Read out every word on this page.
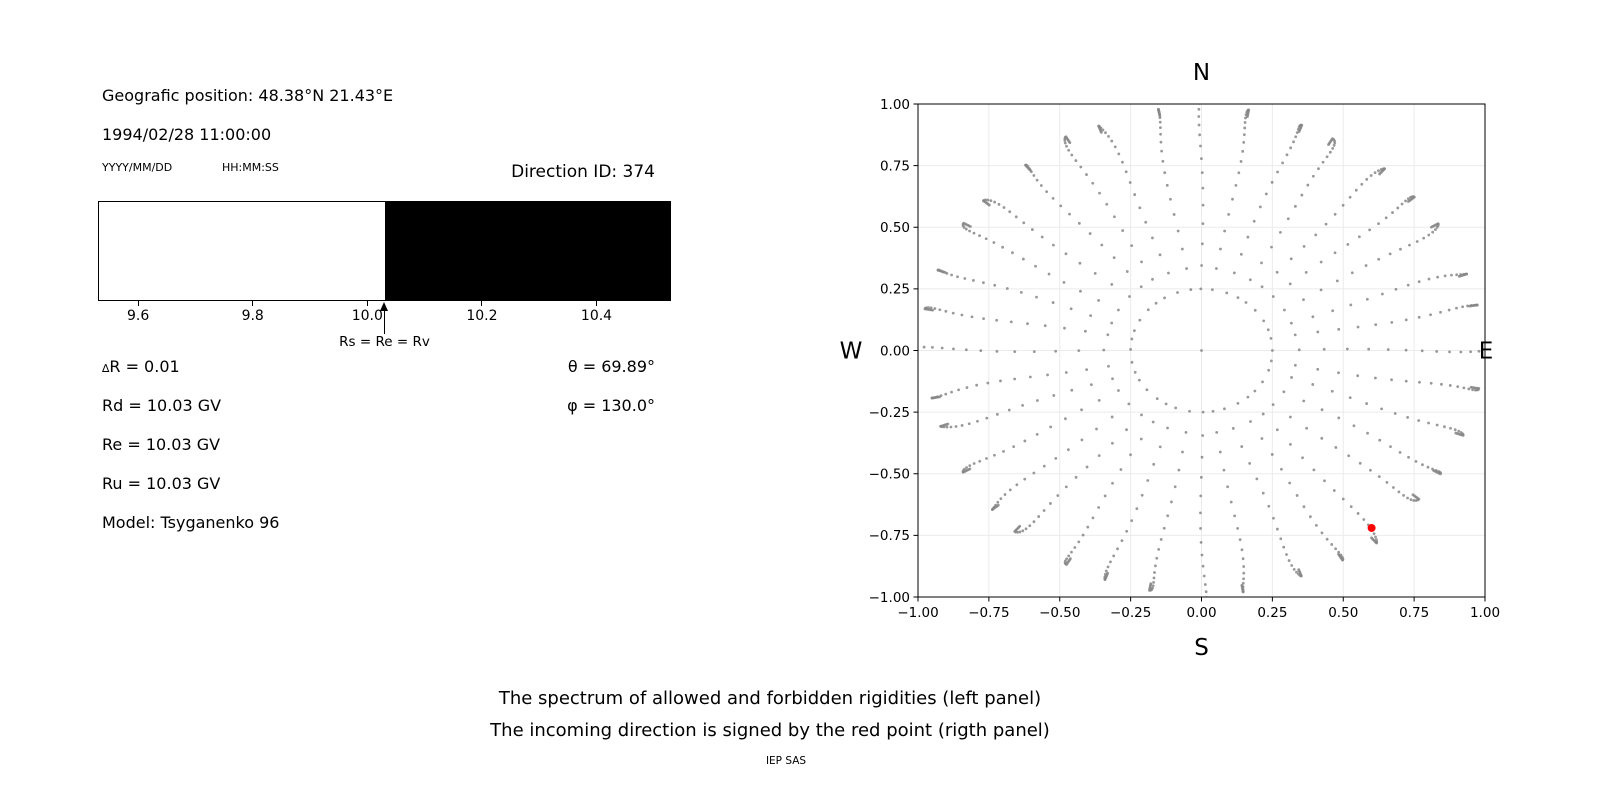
Geografic position: 48.38°N 21.43°E
1994/02/28 11:00:00
YYYY/MM/DD	HH:MM:SS	Direction ID: 374
9.6	9.8	10.0	10.2	10.4
Rs = Re = Rv
∆R = 0.01
Rd = 10.03 GV
Re = 10.03 GV
Ru = 10.03 GV
Model: Tsyganenko 96
θ = 69.89°
φ = 130.0°
−1.00
−1.00
−0.75
−0.75
−0.50
−0.50
−0.25
−0.25
0.00
0.00
0.25
0.25
0.50
0.50
0.75
0.75
1.00
1.00
N
S
W	E
The spectrum of allowed and forbidden rigidities (left panel)
The incoming direction is signed by the red point (rigth panel)
IEP SAS
